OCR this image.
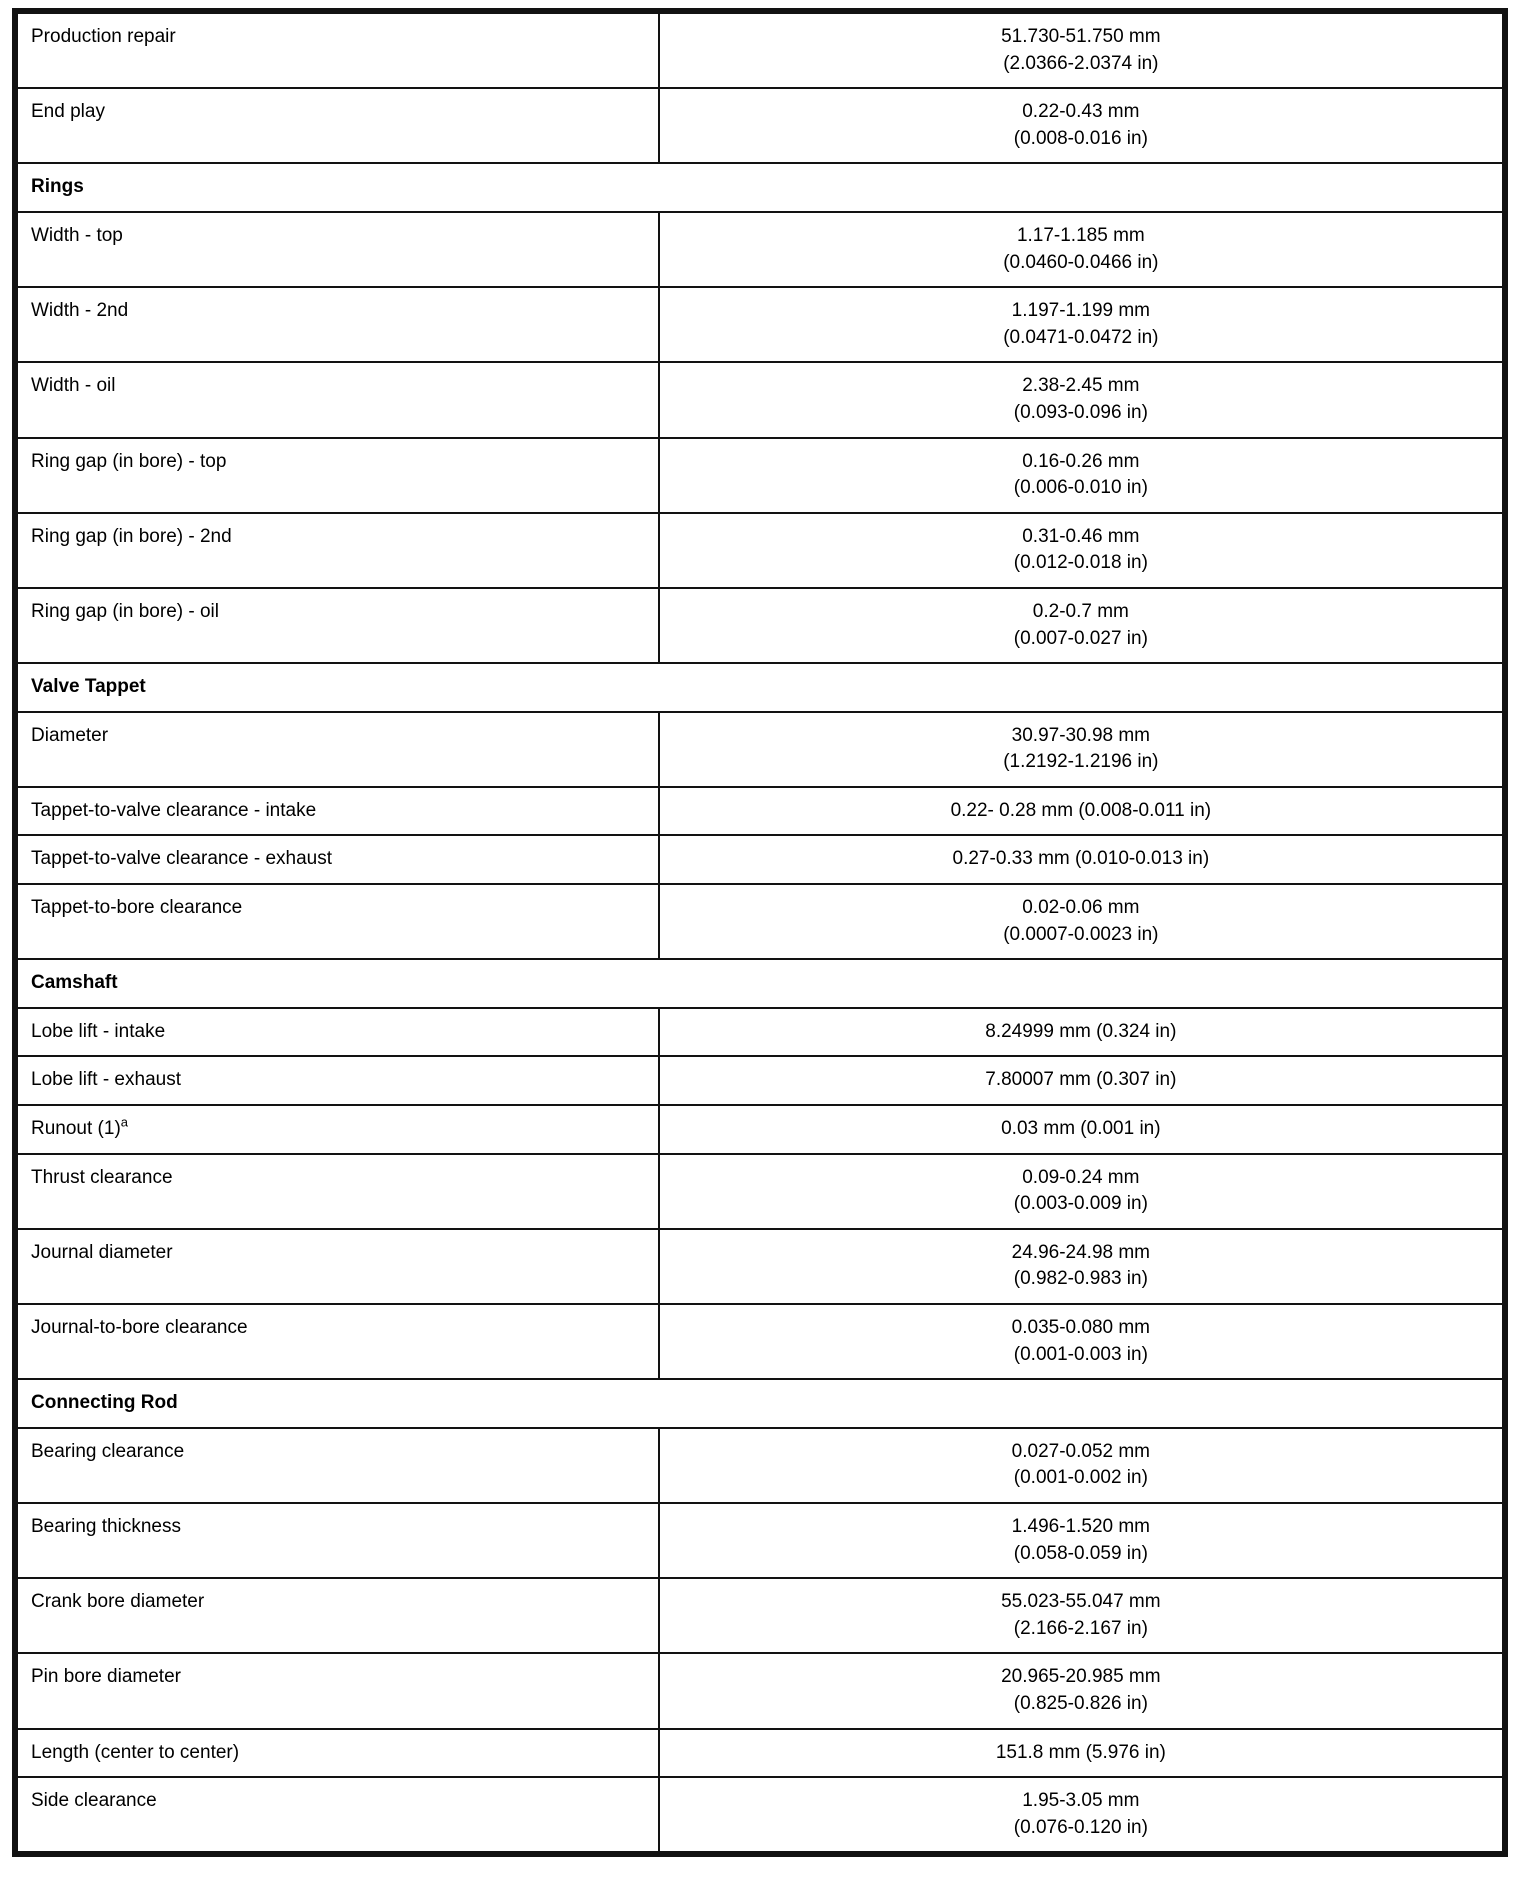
Production repair	51.730-51.750 mm
(2.0366-2.0374 in)
End play	0.22-0.43 mm
(0.008-0.016 in)
Rings	
Width - top	1.17-1.185 mm
(0.0460-0.0466 in)
Width - 2nd	1.197-1.199 mm
(0.0471-0.0472 in)
Width - oil	2.38-2.45 mm
(0.093-0.096 in)
Ring gap (in bore) - top	0.16-0.26 mm
(0.006-0.010 in)
Ring gap (in bore) - 2nd	0.31-0.46 mm
(0.012-0.018 in)
Ring gap (in bore) - oil	0.2-0.7 mm
(0.007-0.027 in)
Valve Tappet	
Diameter	30.97-30.98 mm
(1.2192-1.2196 in)
Tappet-to-valve clearance - intake	0.22- 0.28 mm (0.008-0.011 in)
Tappet-to-valve clearance - exhaust	0.27-0.33 mm (0.010-0.013 in)
Tappet-to-bore clearance	0.02-0.06 mm
(0.0007-0.0023 in)
Camshaft	
Lobe lift - intake	8.24999 mm (0.324 in)
Lobe lift - exhaust	7.80007 mm (0.307 in)
Runout (1)$^a$	0.03 mm (0.001 in)
Thrust clearance	0.09-0.24 mm
(0.003-0.009 in)
Journal diameter	24.96-24.98 mm
(0.982-0.983 in)
Journal-to-bore clearance	0.035-0.080 mm
(0.001-0.003 in)
Connecting Rod	
Bearing clearance	0.027-0.052 mm
(0.001-0.002 in)
Bearing thickness	1.496-1.520 mm
(0.058-0.059 in)
Crank bore diameter	55.023-55.047 mm
(2.166-2.167 in)
Pin bore diameter	20.965-20.985 mm
(0.825-0.826 in)
Length (center to center)	151.8 mm (5.976 in)
Side clearance	1.95-3.05 mm
(0.076-0.120 in)
